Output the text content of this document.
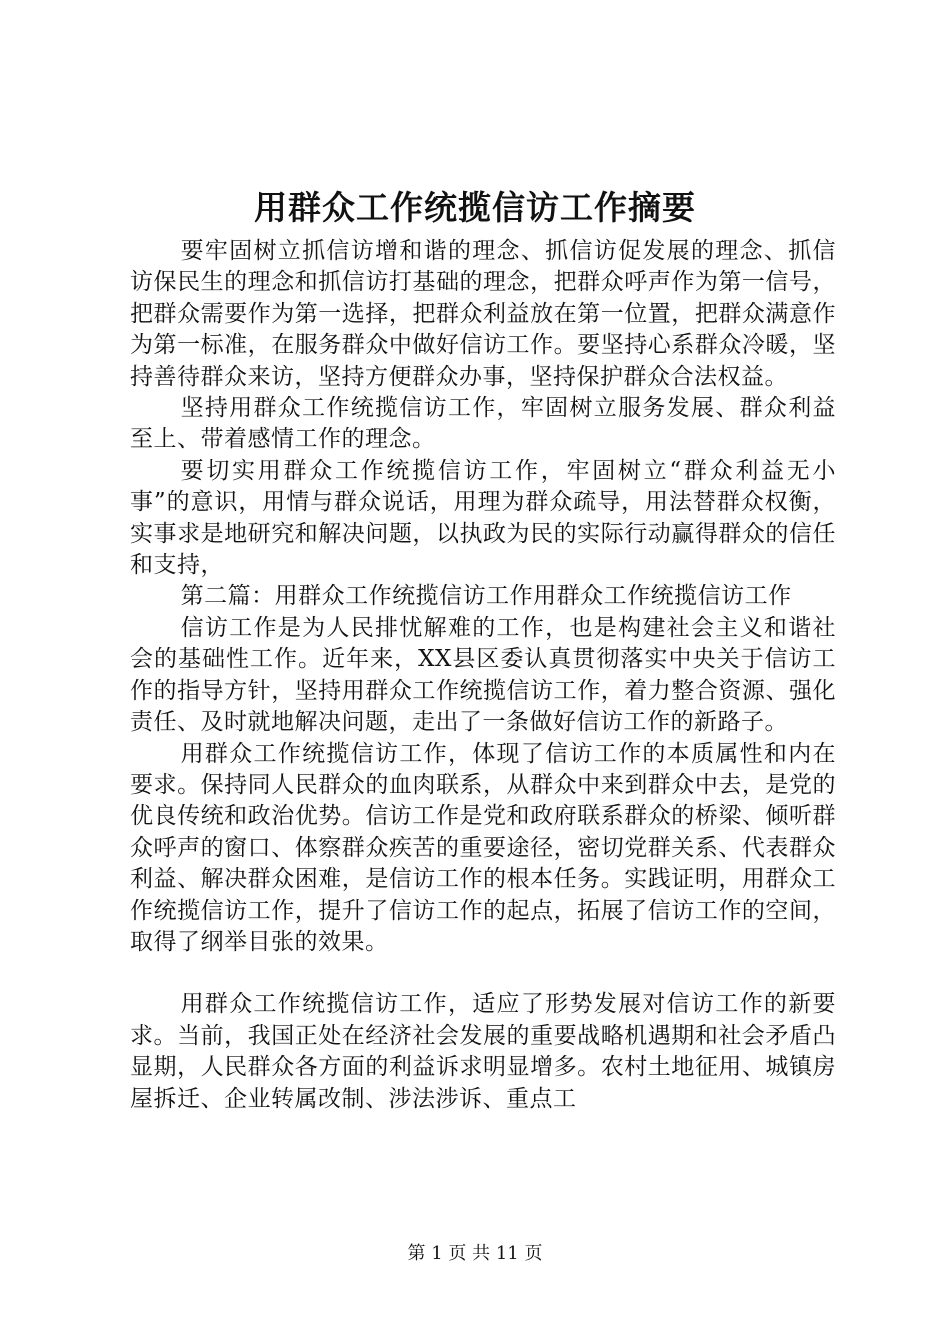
用群众工作统揽信访工作摘要

要牢固树立抓信访增和谐的理念、抓信访促发展的理念、抓信访保民生的理念和抓信访打基础的理念，把群众呼声作为第一信号，把群众需要作为第一选择，把群众利益放在第一位置，把群众满意作为第一标准，在服务群众中做好信访工作。要坚持心系群众冷暖，坚持善待群众来访，坚持方便群众办事，坚持保护群众合法权益。

坚持用群众工作统揽信访工作，牢固树立服务发展、群众利益至上、带着感情工作的理念。

要切实用群众工作统揽信访工作，牢固树立“群众利益无小事”的意识，用情与群众说话，用理为群众疏导，用法替群众权衡，实事求是地研究和解决问题，以执政为民的实际行动赢得群众的信任和支持，

第二篇：用群众工作统揽信访工作用群众工作统揽信访工作

信访工作是为人民排忧解难的工作，也是构建社会主义和谐社会的基础性工作。近年来，XX县区委认真贯彻落实中央关于信访工作的指导方针，坚持用群众工作统揽信访工作，着力整合资源、强化责任、及时就地解决问题，走出了一条做好信访工作的新路子。

用群众工作统揽信访工作，体现了信访工作的本质属性和内在要求。保持同人民群众的血肉联系，从群众中来到群众中去，是党的优良传统和政治优势。信访工作是党和政府联系群众的桥梁、倾听群众呼声的窗口、体察群众疾苦的重要途径，密切党群关系、代表群众利益、解决群众困难，是信访工作的根本任务。实践证明，用群众工作统揽信访工作，提升了信访工作的起点，拓展了信访工作的空间，取得了纲举目张的效果。

用群众工作统揽信访工作，适应了形势发展对信访工作的新要求。当前，我国正处在经济社会发展的重要战略机遇期和社会矛盾凸显期，人民群众各方面的利益诉求明显增多。农村土地征用、城镇房屋拆迁、企业转属改制、涉法涉诉、重点工

第 1 页 共 11 页
